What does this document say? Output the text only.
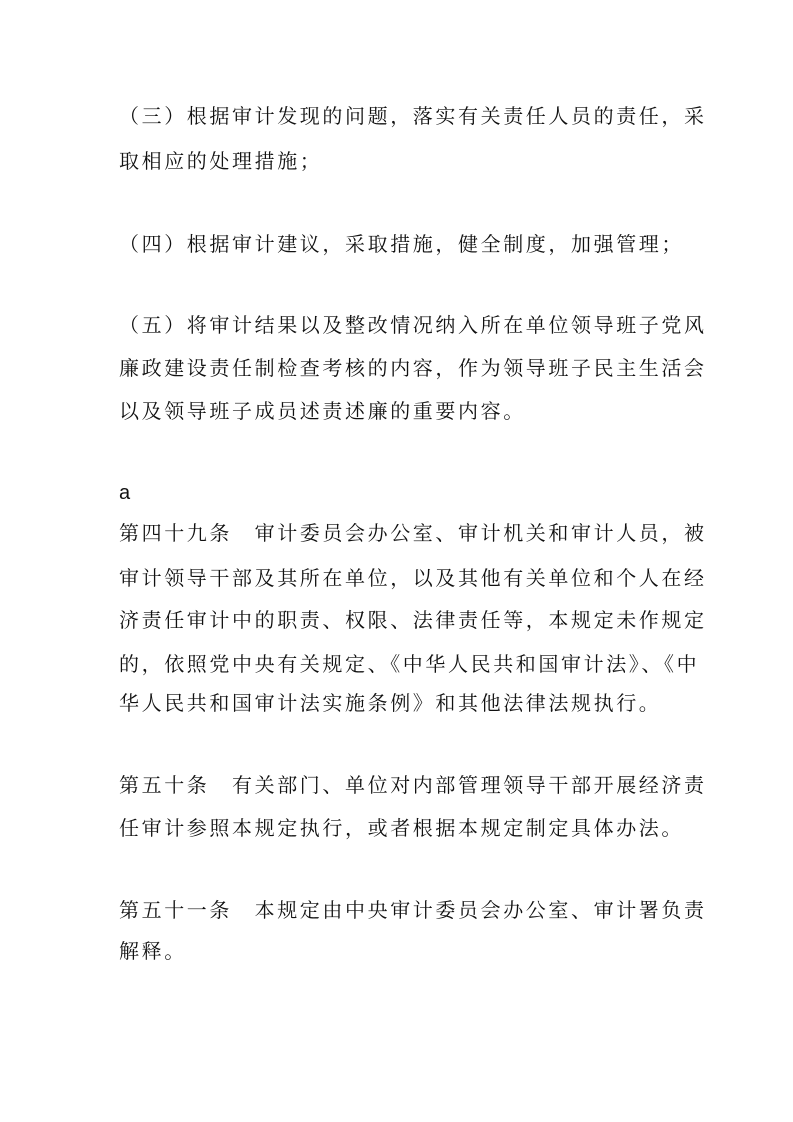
（三）根据审计发现的问题，落实有关责任人员的责任，采
取相应的处理措施；
（四）根据审计建议，采取措施，健全制度，加强管理；
（五）将审计结果以及整改情况纳入所在单位领导班子党风
廉政建设责任制检查考核的内容，作为领导班子民主生活会
以及领导班子成员述责述廉的重要内容。
a
第四十九条　审计委员会办公室、审计机关和审计人员，被
审计领导干部及其所在单位，以及其他有关单位和个人在经
济责任审计中的职责、权限、法律责任等，本规定未作规定
的，依照党中央有关规定、《中华人民共和国审计法》、《中
华人民共和国审计法实施条例》和其他法律法规执行。
第五十条　有关部门、单位对内部管理领导干部开展经济责
任审计参照本规定执行，或者根据本规定制定具体办法。
第五十一条　本规定由中央审计委员会办公室、审计署负责
解释。
